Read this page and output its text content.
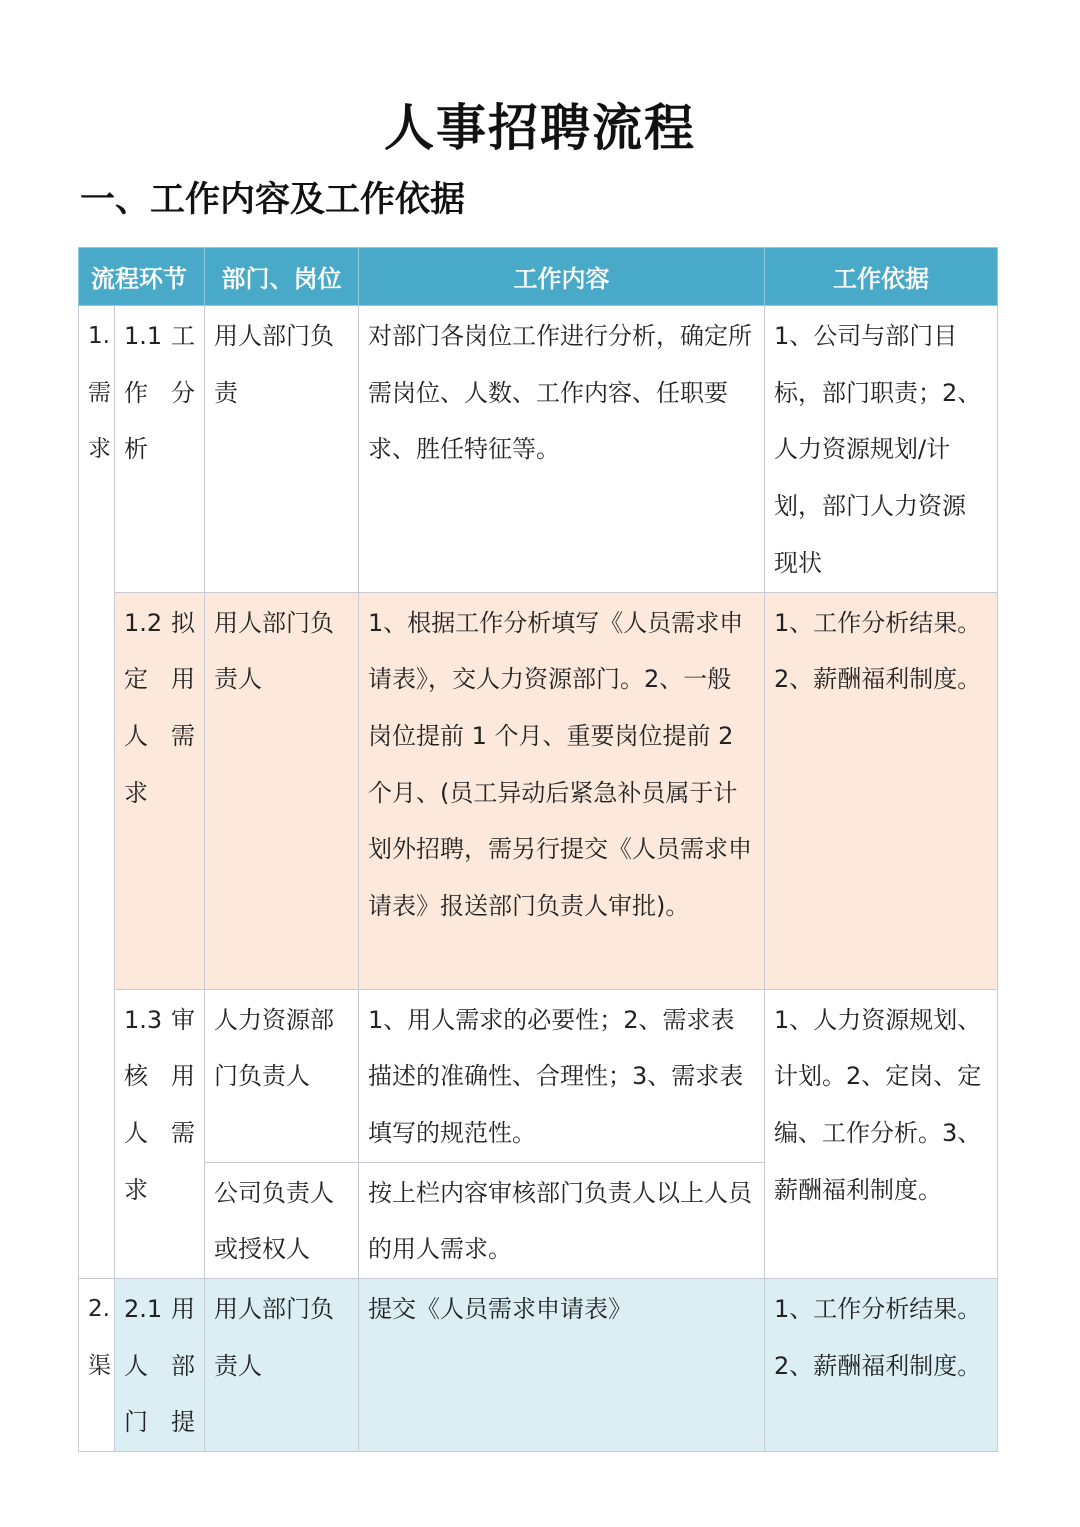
人事招聘流程
一、工作内容及工作依据
流程环节		部门、岗位	工作内容	工作依据

1.需求	1.1 工作分析	用人部门负责	对部门各岗位工作进行分析，确定所需岗位、人数、工作内容、任职要求、胜任特征等。	1、公司与部门目标，部门职责；2、人力资源规划/计划，部门人力资源现状

	1.2 拟定用人需求	用人部门负责人	1、根据工作分析填写《人员需求申请表》，交人力资源部门。2、一般岗位提前 1 个月、重要岗位提前 2 个月、(员工异动后紧急补员属于计划外招聘，需另行提交《人员需求申请表》报送部门负责人审批)。	1、工作分析结果。2、薪酬福利制度。

	1.3 审核用人需求	人力资源部门负责人	1、用人需求的必要性；2、需求表描述的准确性、合理性；3、需求表填写的规范性。	1、人力资源规划、计划。2、定岗、定编、工作分析。3、薪酬福利制度。

		公司负责人或授权人	按上栏内容审核部门负责人以上人员的用人需求。	

2.渠	2.1 用人部门提	用人部门负责人	提交《人员需求申请表》	1、工作分析结果。2、薪酬福利制度。
